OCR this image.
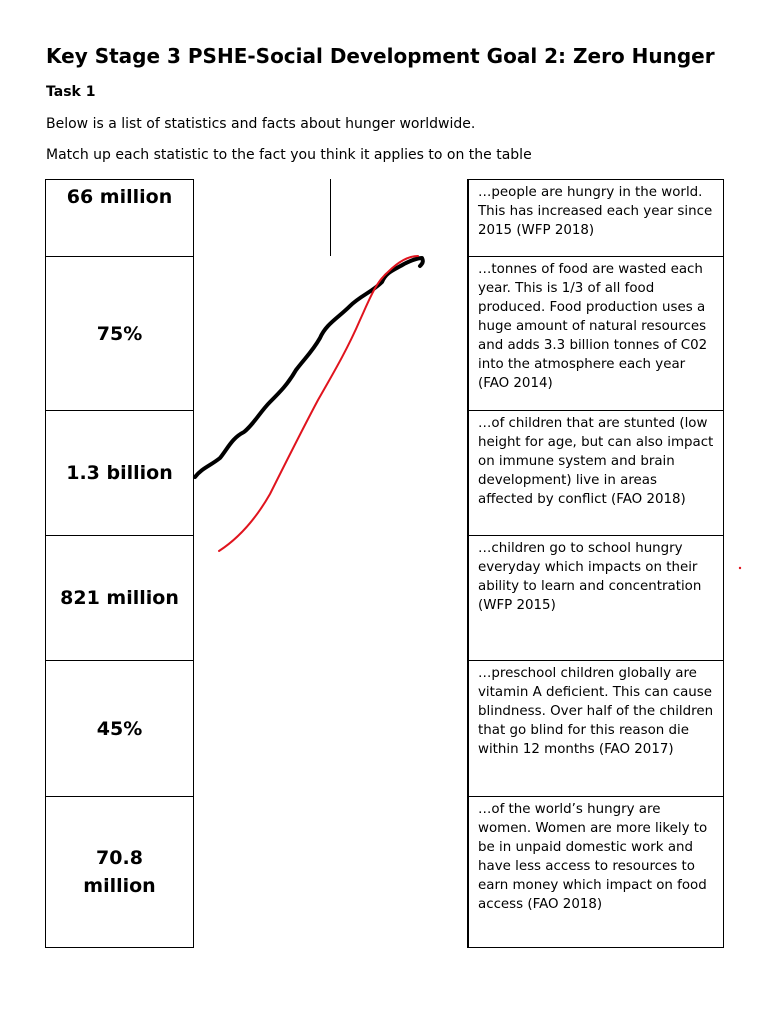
Key Stage 3 PSHE-Social Development Goal 2: Zero Hunger
Task 1
Below is a list of statistics and facts about hunger worldwide.
Match up each statistic to the fact you think it applies to on the table
66 million
75%
1.3 billion
821 million
45%
70.8 million
…people are hungry in the world. This has increased each year since 2015 (WFP 2018)
…tonnes of food are wasted each year. This is 1/3 of all food produced. Food production uses a huge amount of natural resources and adds 3.3 billion tonnes of C02 into the atmosphere each year (FAO 2014)
…of children that are stunted (low height for age, but can also impact on immune system and brain development) live in areas affected by conflict (FAO 2018)
…children go to school hungry everyday which impacts on their ability to learn and concentration (WFP 2015)
…preschool children globally are vitamin A deficient. This can cause blindness. Over half of the children that go blind for this reason die within 12 months (FAO 2017)
…of the world’s hungry are women. Women are more likely to be in unpaid domestic work and have less access to resources to earn money which impact on food access (FAO 2018)
